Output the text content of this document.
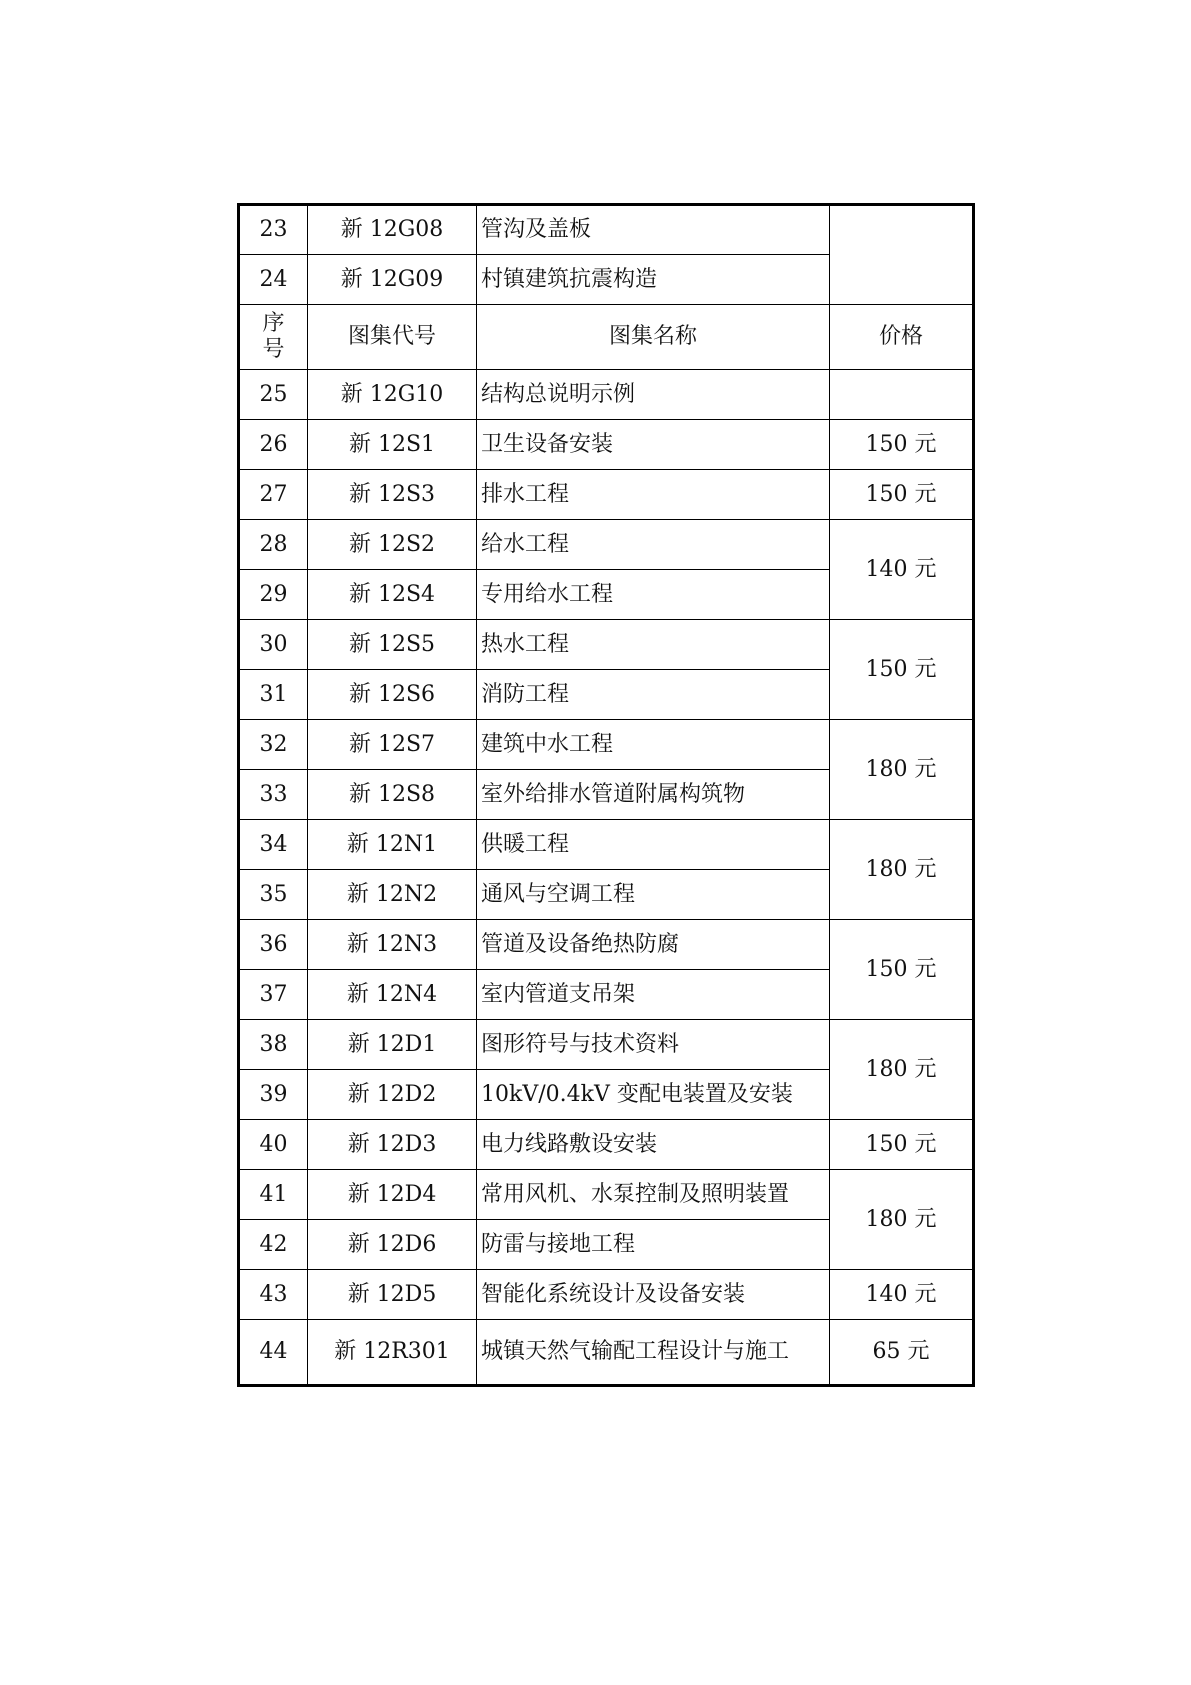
23	新 12G08	管沟及盖板	
24	新 12G09	村镇建筑抗震构造	
序号	图集代号	图集名称	价格
25	新 12G10	结构总说明示例	
26	新 12S1	卫生设备安装	150 元
27	新 12S3	排水工程	150 元
28	新 12S2	给水工程	140 元
29	新 12S4	专用给水工程	
30	新 12S5	热水工程	150 元
31	新 12S6	消防工程	
32	新 12S7	建筑中水工程	180 元
33	新 12S8	室外给排水管道附属构筑物	
34	新 12N1	供暖工程	180 元
35	新 12N2	通风与空调工程	
36	新 12N3	管道及设备绝热防腐	150 元
37	新 12N4	室内管道支吊架	
38	新 12D1	图形符号与技术资料	180 元
39	新 12D2	10kV/0.4kV 变配电装置及安装	
40	新 12D3	电力线路敷设安装	150 元
41	新 12D4	常用风机、水泵控制及照明装置	180 元
42	新 12D6	防雷与接地工程	
43	新 12D5	智能化系统设计及设备安装	140 元
44	新 12R301	城镇天然气输配工程设计与施工	65 元
